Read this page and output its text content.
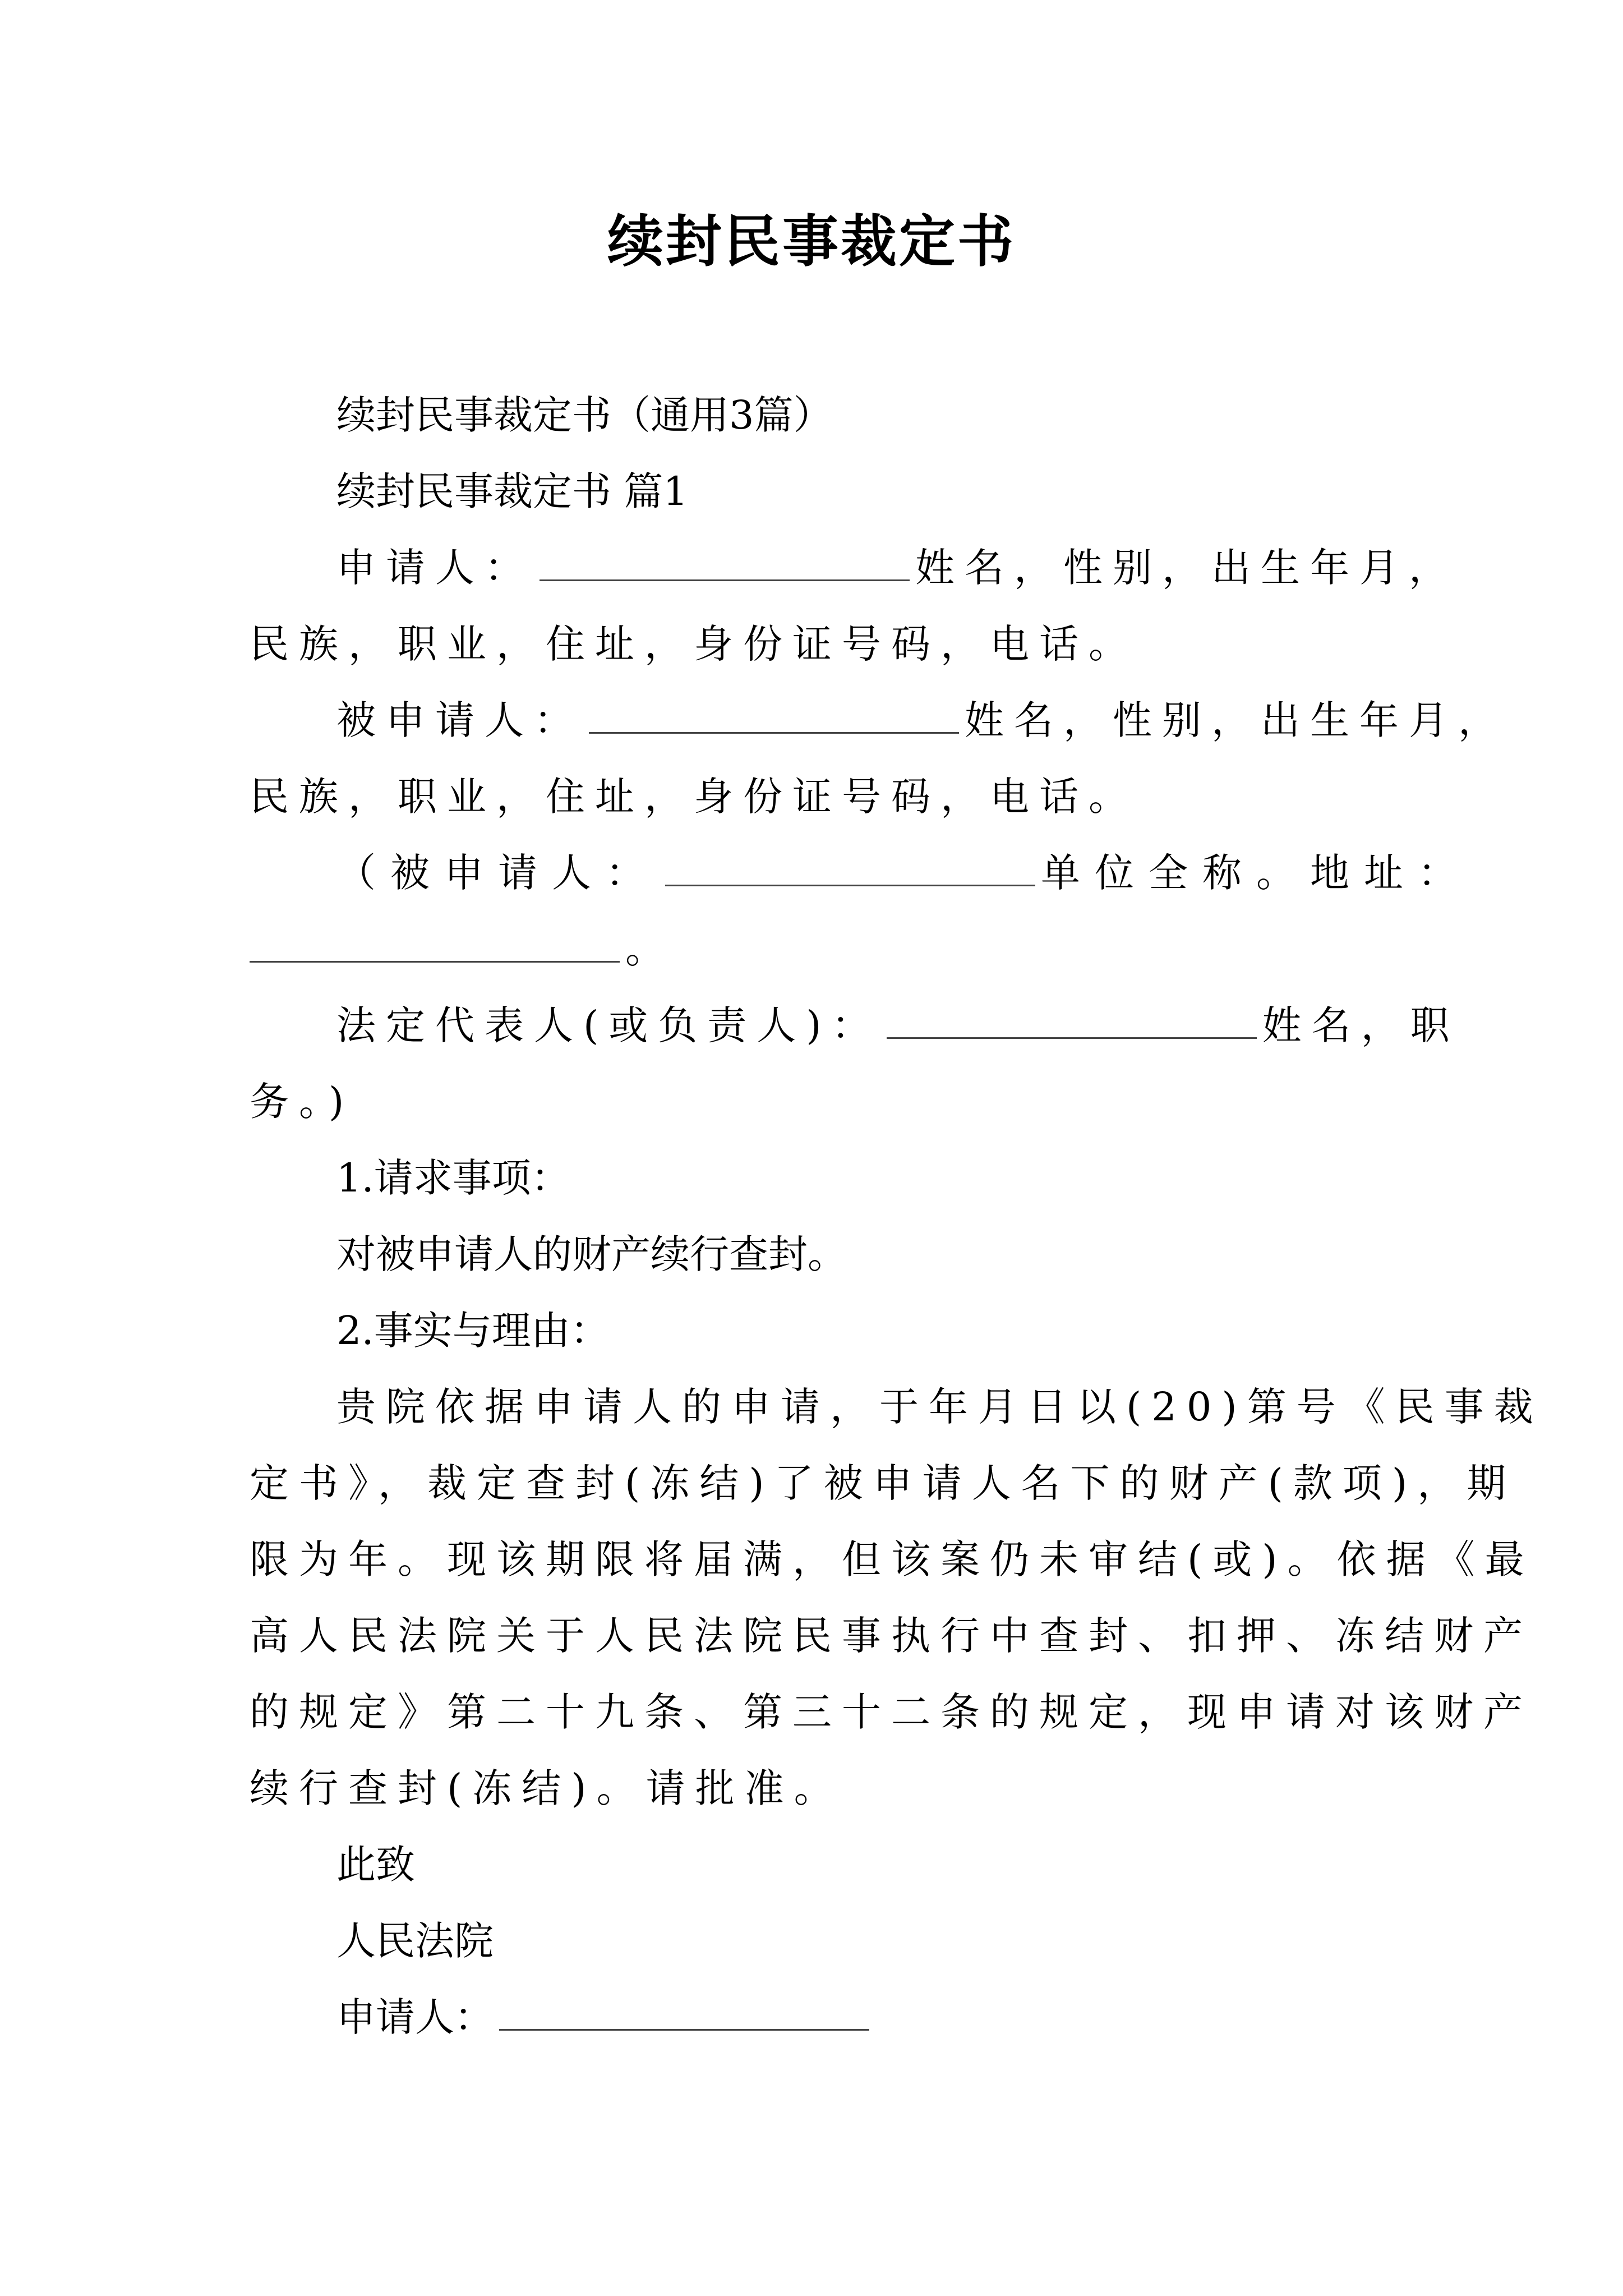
续封民事裁定书
续封民事裁定书（通用3篇）
续封民事裁定书 篇1
申请人：	姓名，性别，出生年月，
民族，职业，住址，身份证号码，电话。
被申请人：	姓名，性别，出生年月，
民族，职业，住址，身份证号码，电话。
（被申请人：	单位全称。地址：
。
法定代表人(或负责人)：	姓名，职
务。)
1.请求事项：
对被申请人的财产续行查封。
2.事实与理由：
贵院依据申请人的申请，于年月日以(20)第号《民事裁
定书》，裁定查封(冻结)了被申请人名下的财产(款项)，期
限为年。现该期限将届满，但该案仍未审结(或)。依据《最
高人民法院关于人民法院民事执行中查封、扣押、冻结财产
的规定》第二十九条、第三十二条的规定，现申请对该财产
续行查封(冻结)。请批准。
此致
人民法院
申请人：
